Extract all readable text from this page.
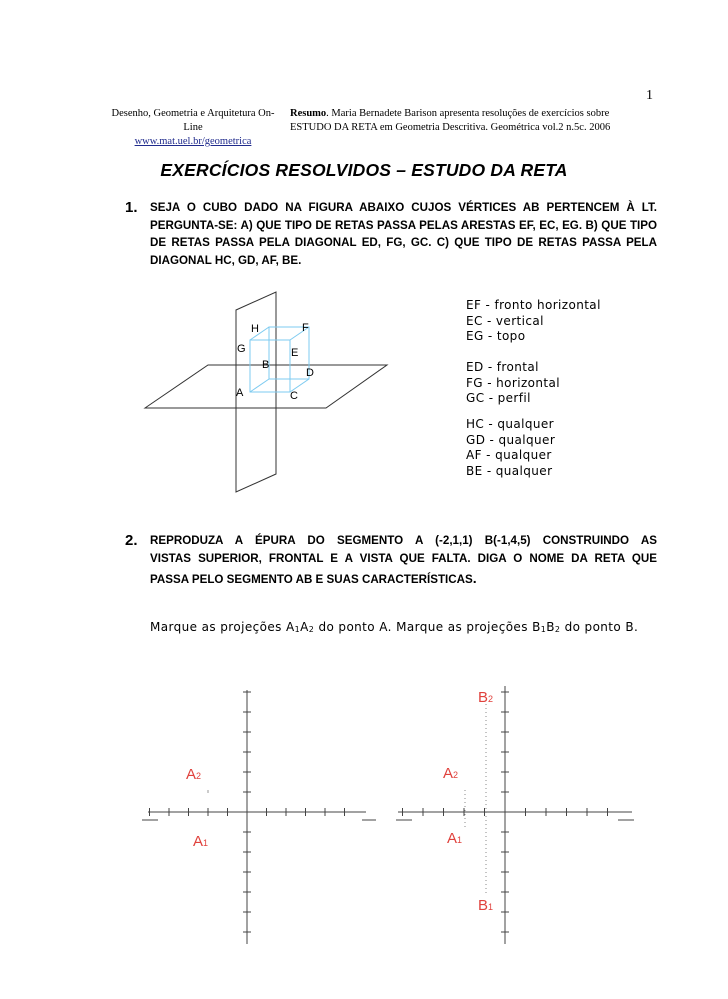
1
Desenho, Geometria e Arquitetura On-Line
www.mat.uel.br/geometrica
Resumo. Maria Bernadete Barison apresenta resoluções de exercícios sobre
ESTUDO DA RETA em Geometria Descritiva. Geométrica vol.2 n.5c. 2006
EXERCÍCIOS RESOLVIDOS – ESTUDO DA RETA
1. SEJA O CUBO DADO NA FIGURA ABAIXO CUJOS VÉRTICES AB PERTENCEM À LT. PERGUNTA-SE: A) QUE TIPO DE RETAS PASSA PELAS ARESTAS EF, EC, EG. B) QUE TIPO DE RETAS PASSA PELA DIAGONAL ED, FG, GC. C) QUE TIPO DE RETAS PASSA PELA DIAGONAL HC, GD, AF, BE.
EF - fronto horizontal
EC - vertical
EG - topo
ED - frontal
FG - horizontal
GC - perfil
HC - qualquer
GD - qualquer
AF - qualquer
BE - qualquer
2. REPRODUZA A ÉPURA DO SEGMENTO A (-2,1,1) B(-1,4,5) CONSTRUINDO AS
VISTAS SUPERIOR, FRONTAL E A VISTA QUE FALTA. DIGA O NOME DA RETA QUE
PASSA PELO SEGMENTO AB E SUAS CARACTERÍSTICAS.
Marque as projeções $A_1A_2$ do ponto A. Marque as projeções $B_1B_2$ do ponto B.
H	F
G	E
B
D
A	C
A2
A1
B2
A2
A1
B1
